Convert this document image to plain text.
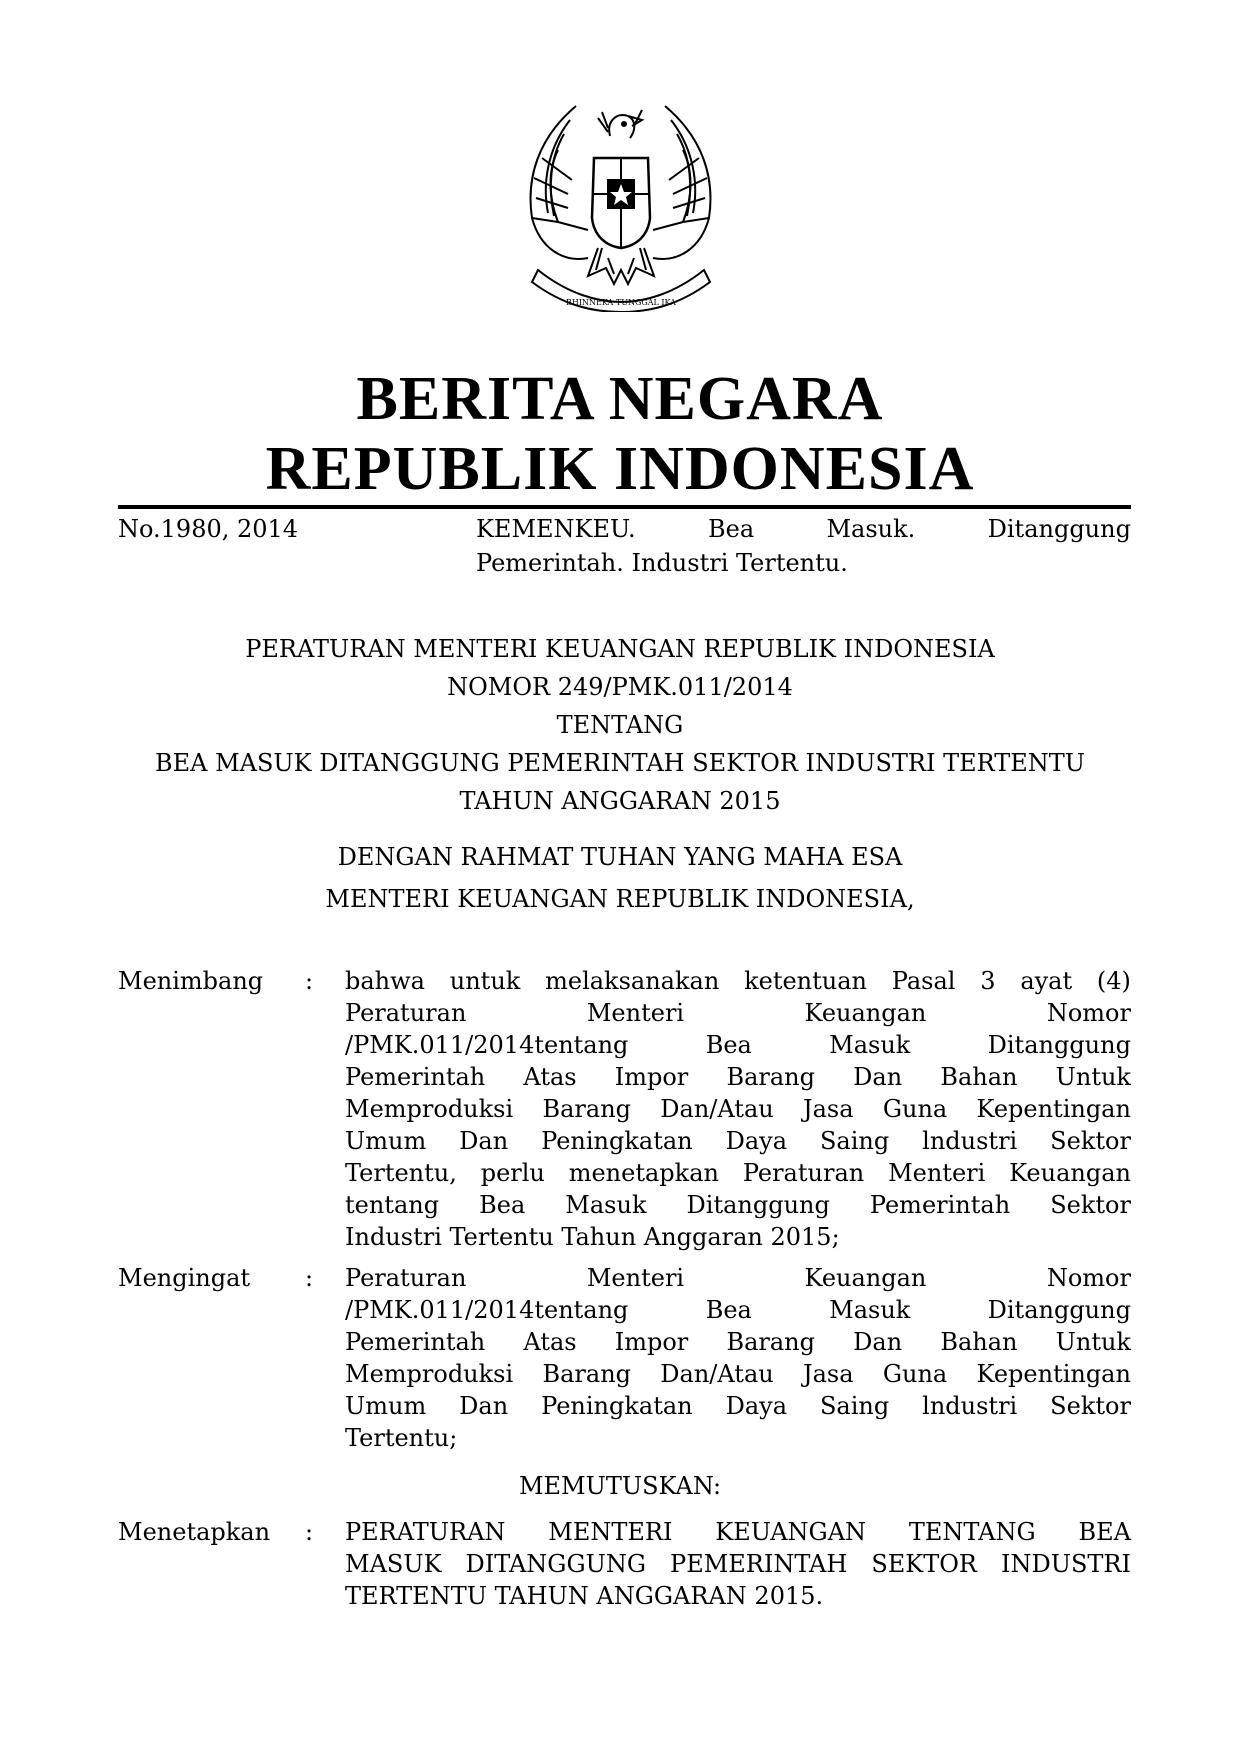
BHINNEKA TUNGGAL IKA
BERITA NEGARA
REPUBLIK INDONESIA
No.1980, 2014	KEMENKEU.	Bea	Masuk.	Ditanggung
Pemerintah. Industri Tertentu.
PERATURAN MENTERI KEUANGAN REPUBLIK INDONESIA
NOMOR 249/PMK.011/2014
TENTANG
BEA MASUK DITANGGUNG PEMERINTAH SEKTOR INDUSTRI TERTENTU
TAHUN ANGGARAN 2015
DENGAN RAHMAT TUHAN YANG MAHA ESA
MENTERI KEUANGAN REPUBLIK INDONESIA,
Menimbang : bahwa untuk melaksanakan ketentuan Pasal 3 ayat (4)
Peraturan	Menteri	Keuangan	Nomor
/PMK.011/2014tentang	Bea	Masuk	Ditanggung
Pemerintah Atas Impor Barang Dan Bahan Untuk
Memproduksi Barang Dan/Atau Jasa Guna Kepentingan
Umum Dan Peningkatan Daya Saing lndustri Sektor
Tertentu, perlu menetapkan Peraturan Menteri Keuangan
tentang Bea Masuk Ditanggung Pemerintah Sektor
Industri Tertentu Tahun Anggaran 2015;
Mengingat : Peraturan	Menteri	Keuangan	Nomor
/PMK.011/2014tentang	Bea	Masuk	Ditanggung
Pemerintah Atas Impor Barang Dan Bahan Untuk
Memproduksi Barang Dan/Atau Jasa Guna Kepentingan
Umum Dan Peningkatan Daya Saing lndustri Sektor
Tertentu;
MEMUTUSKAN:
Menetapkan : PERATURAN MENTERI KEUANGAN TENTANG BEA
MASUK DITANGGUNG PEMERINTAH SEKTOR INDUSTRI
TERTENTU TAHUN ANGGARAN 2015.
